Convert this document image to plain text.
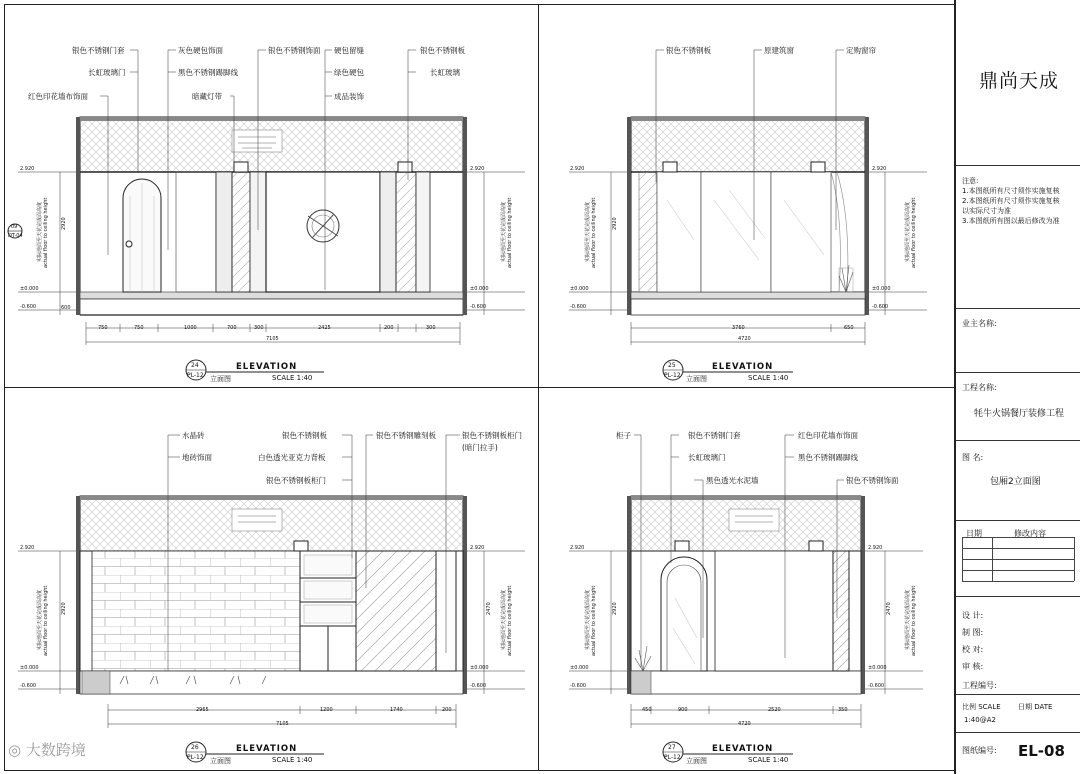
银色不锈钢门套
长虹玻璃门
红色印花墙布饰面
灰色硬包饰面
黑色不锈钢踢脚线
暗藏灯带
银色不锈钢饰面 硬包留缝
绿色硬包
成品装饰
银色不锈钢板
长虹玻璃
750	750	1000	700	300	2425	200	300
7105
2.920
±0.000
-0.600
2920
600
2.920
±0.000
-0.600
实际地面至天花完成面高度 actual floor to ceiling height	实际地面至天花完成面高度 actual floor to ceiling height
09
DT-04
24
PL-12
ELEVATION
立面图	SCALE 1:40
银色不锈钢板	原建筑窗	定购窗帘
3760	650
4720
2.920
±0.000
-0.600
2.920
±0.000
-0.600
2920
实际地面至天花完成面高度 actual floor to ceiling height	实际地面至天花完成面高度 actual floor to ceiling height
25
PL-12
ELEVATION
立面图	SCALE 1:40
水晶砖
地砖饰面
银色不锈钢板
白色透光亚克力背板
银色不锈钢板柜门
银色不锈钢雕刻板	银色不锈钢板柜门
(暗门拉手)
2965	1200	1740	200
7105
2.920
±0.000
-0.600
2.920
±0.000
-0.600
2920	2470
实际地面至天花完成面高度 actual floor to ceiling height	实际地面至天花完成面高度 actual floor to ceiling height
26
PL-12
ELEVATION
立面图	SCALE 1:40
柜子	银色不锈钢门套
长虹玻璃门
黑色透光水泥墙
红色印花墙布饰面
黑色不锈钢踢脚线
银色不锈钢饰面
450	900	2520	350
4720
2.920
±0.000
-0.600
2.920
±0.000
-0.600
2920	2470
实际地面至天花完成面高度 actual floor to ceiling height	实际地面至天花完成面高度 actual floor to ceiling height
27
PL-12
ELEVATION
立面图	SCALE 1:40
◎ 大数跨境
鼎尚天成
注意:
1.本图纸所有尺寸须作实施复核
2.本图纸所有尺寸须作实施复核
以实际尺寸为准
3.本图纸所有图以最后修改为准
业主名称:
工程名称:
牦牛火锅餐厅装修工程
图 名:
包厢2立面图
日期	修改内容
设 计:
制 图:
校 对:
审 核:
工程编号:
比例 SCALE 日期 DATE
1:40@A2
图纸编号: EL-08
